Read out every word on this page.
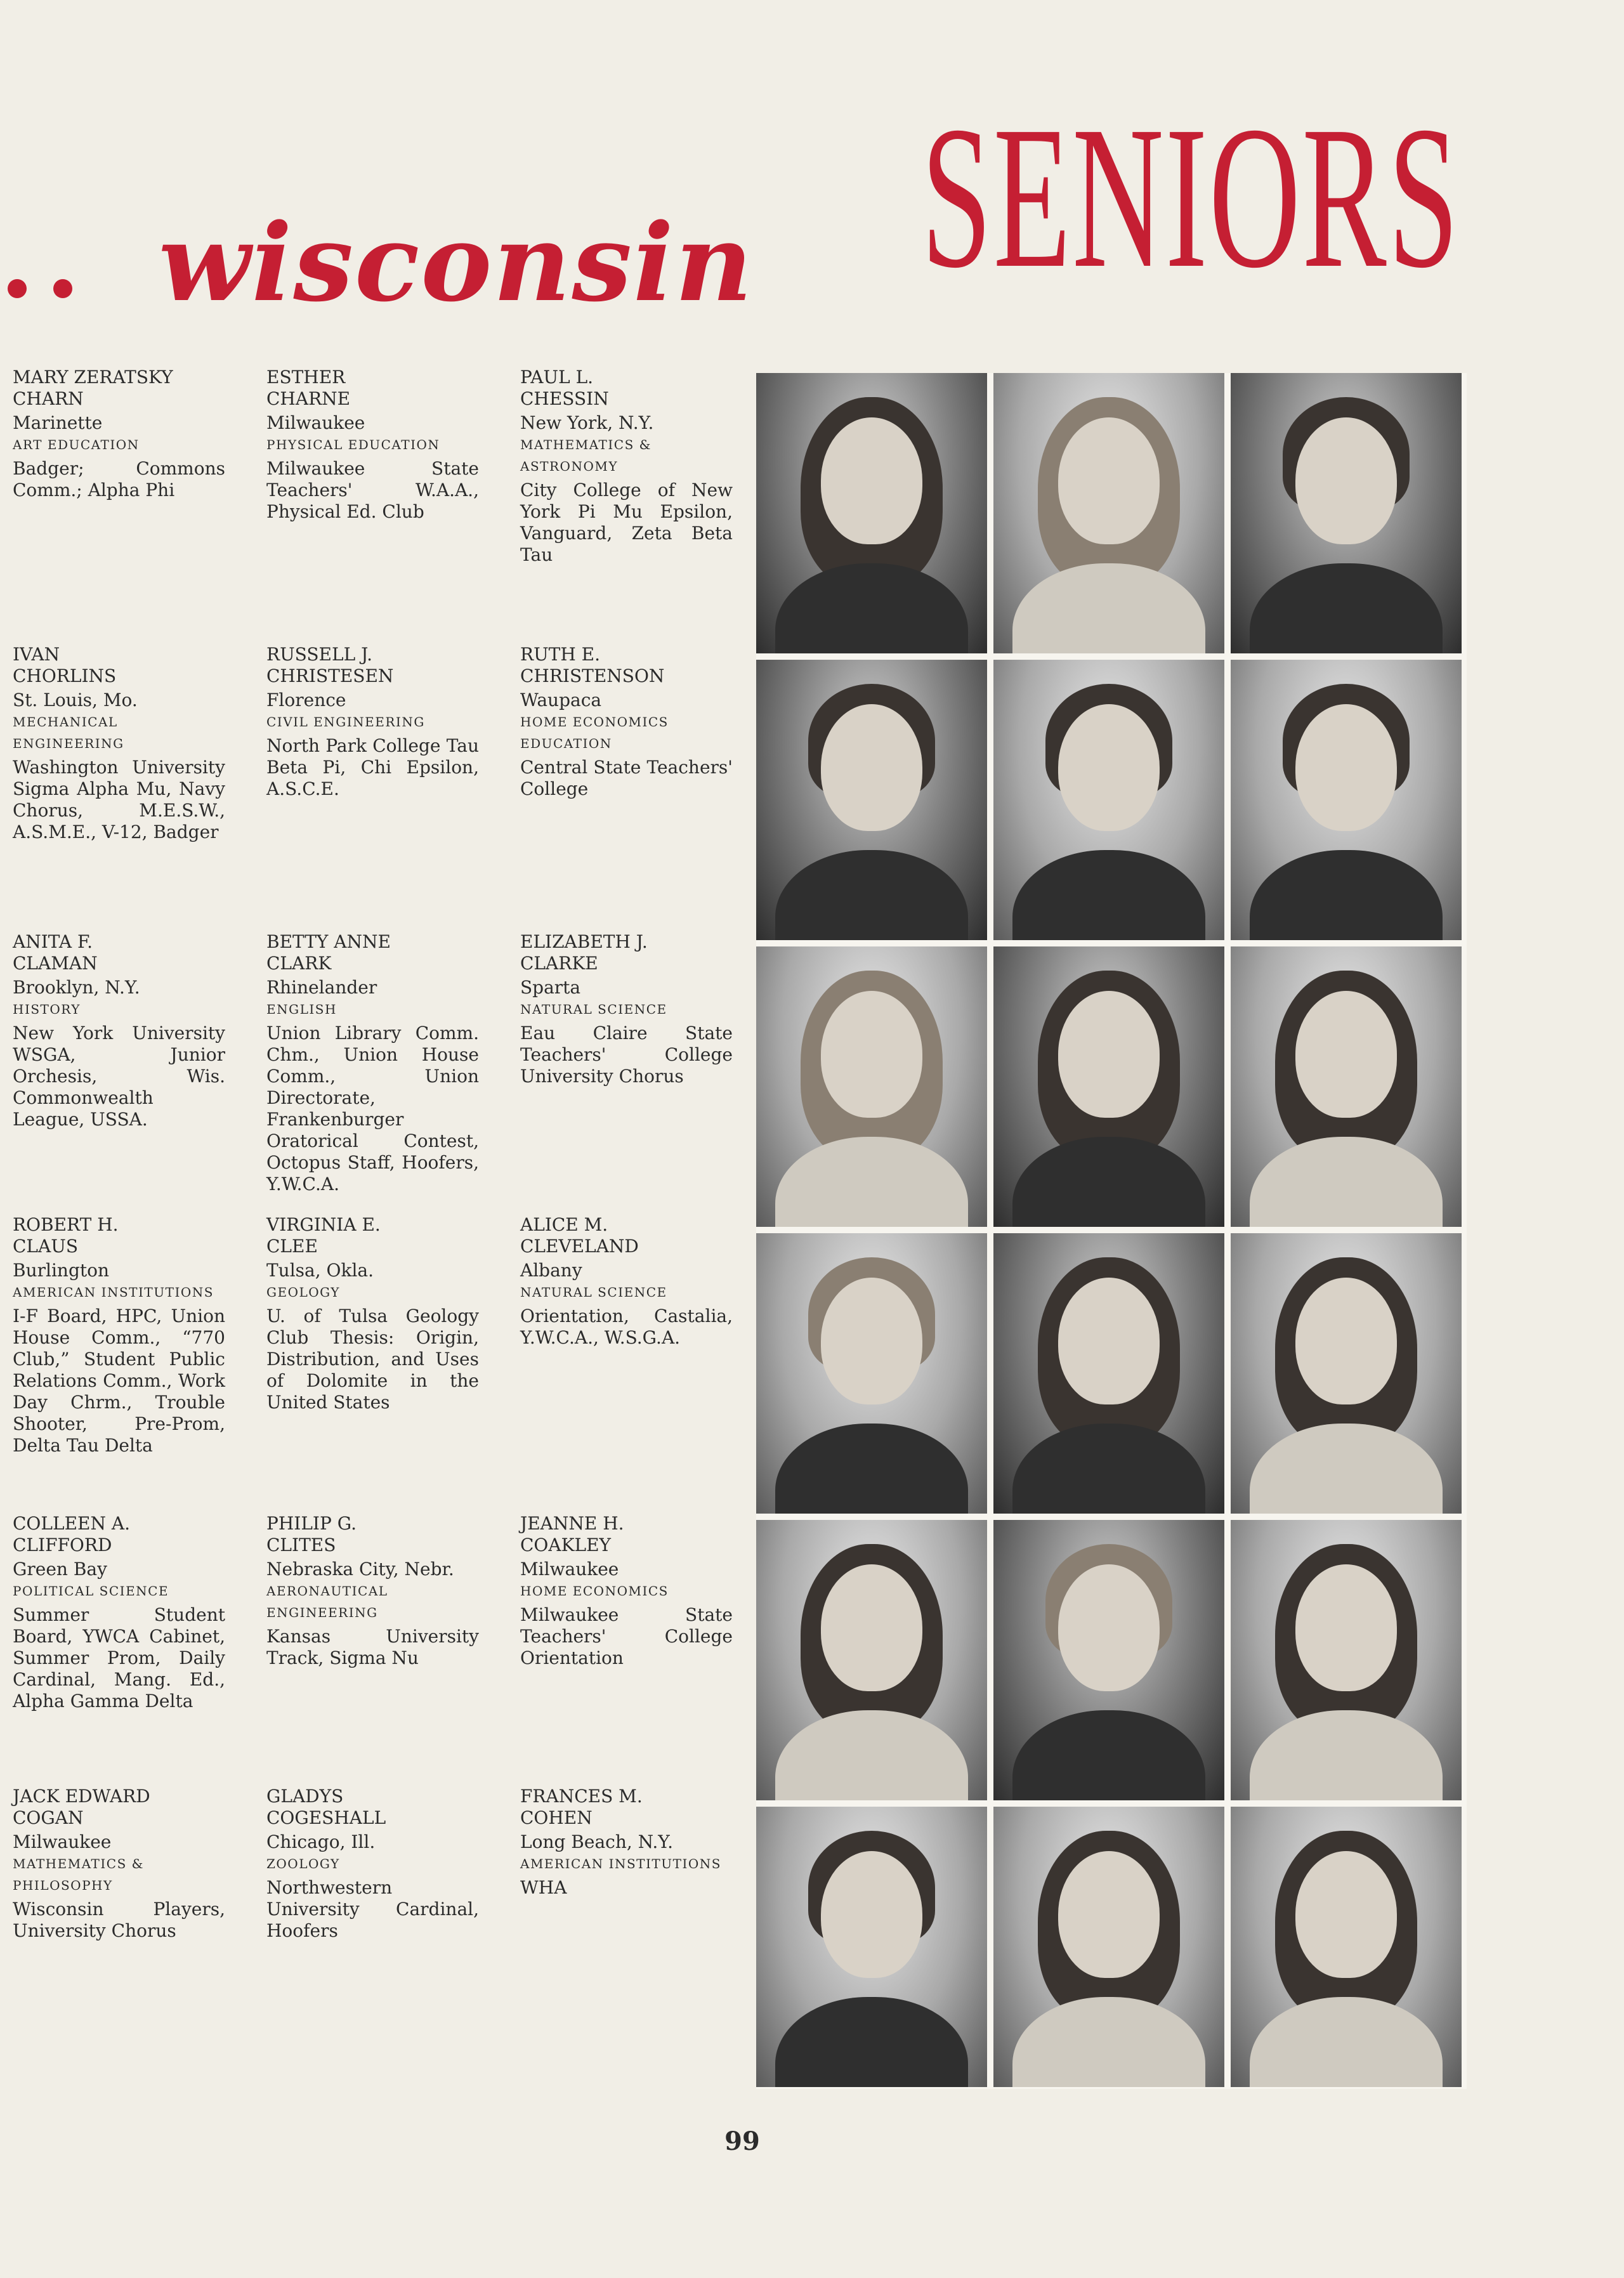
wisconsin SENIORS
MARY ZERATSKY
CHARN
Marinette
ART EDUCATION
Badger; Commons Comm.; Alpha Phi
ESTHER
CHARNE
Milwaukee
PHYSICAL EDUCATION
Milwaukee State Teachers' W.A.A., Physical Ed. Club
PAUL L.
CHESSIN
New York, N.Y.
MATHEMATICS &
ASTRONOMY
City College of New York Pi Mu Epsilon, Vanguard, Zeta Beta Tau
IVAN
CHORLINS
St. Louis, Mo.
MECHANICAL
ENGINEERING
Washington University Sigma Alpha Mu, Navy Chorus, M.E.S.W., A.S.M.E., V-12, Badger
RUSSELL J.
CHRISTESEN
Florence
CIVIL ENGINEERING
North Park College Tau Beta Pi, Chi Epsilon, A.S.C.E.
RUTH E.
CHRISTENSON
Waupaca
HOME ECONOMICS
EDUCATION
Central State Teachers' College
ANITA F.
CLAMAN
Brooklyn, N.Y.
HISTORY
New York University WSGA, Junior Orchesis, Wis. Commonwealth League, USSA.
BETTY ANNE
CLARK
Rhinelander
ENGLISH
Union Library Comm. Chm., Union House Comm., Union Directorate, Frankenburger Oratorical Contest, Octopus Staff, Hoofers, Y.W.C.A.
ELIZABETH J.
CLARKE
Sparta
NATURAL SCIENCE
Eau Claire State Teachers' College University Chorus
ROBERT H.
CLAUS
Burlington
AMERICAN INSTITUTIONS
I-F Board, HPC, Union House Comm., “770 Club,” Student Public Relations Comm., Work Day Chrm., Trouble Shooter, Pre-Prom, Delta Tau Delta
VIRGINIA E.
CLEE
Tulsa, Okla.
GEOLOGY
U. of Tulsa Geology Club Thesis: Origin, Distribution, and Uses of Dolomite in the United States
ALICE M.
CLEVELAND
Albany
NATURAL SCIENCE
Orientation, Castalia, Y.W.C.A., W.S.G.A.
COLLEEN A.
CLIFFORD
Green Bay
POLITICAL SCIENCE
Summer Student Board, YWCA Cabinet, Summer Prom, Daily Cardinal, Mang. Ed., Alpha Gamma Delta
PHILIP G.
CLITES
Nebraska City, Nebr.
AERONAUTICAL
ENGINEERING
Kansas University Track, Sigma Nu
JEANNE H.
COAKLEY
Milwaukee
HOME ECONOMICS
Milwaukee State Teachers' College Orientation
JACK EDWARD
COGAN
Milwaukee
MATHEMATICS &
PHILOSOPHY
Wisconsin Players, University Chorus
GLADYS
COGESHALL
Chicago, Ill.
ZOOLOGY
Northwestern University Cardinal, Hoofers
FRANCES M.
COHEN
Long Beach, N.Y.
AMERICAN INSTITUTIONS
WHA
99
